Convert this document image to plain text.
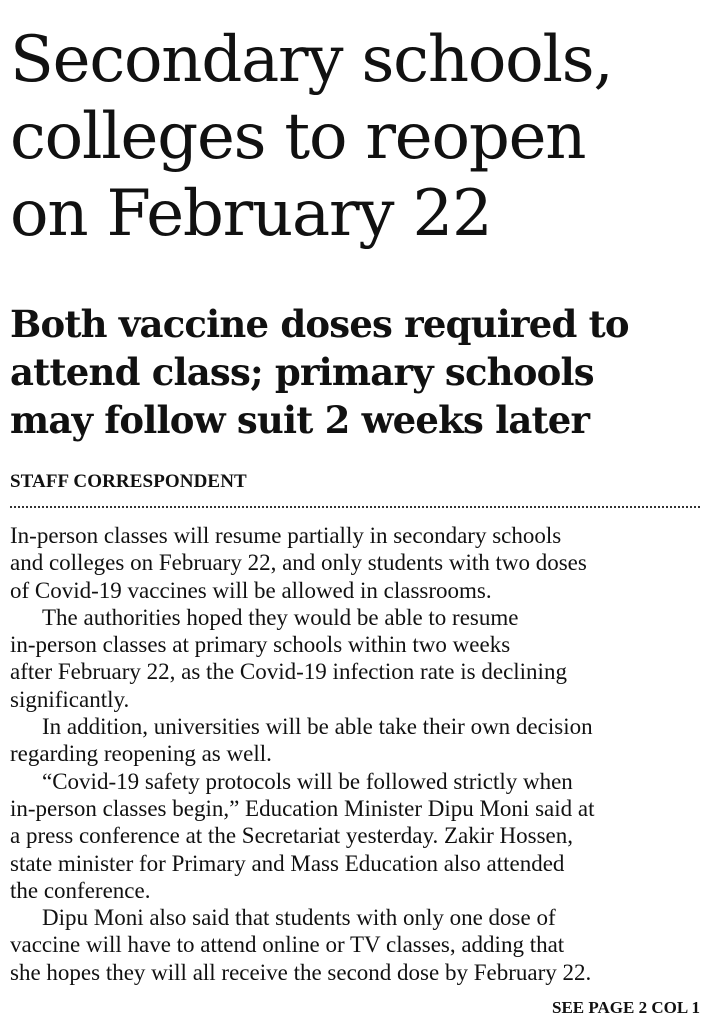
Secondary schools,
colleges to reopen
on February 22
Both vaccine doses required to
attend class; primary schools
may follow suit 2 weeks later
STAFF CORRESPONDENT
In-person classes will resume partially in secondary schools
and colleges on February 22, and only students with two doses
of Covid-19 vaccines will be allowed in classrooms.
The authorities hoped they would be able to resume
in-person classes at primary schools within two weeks
after February 22, as the Covid-19 infection rate is declining
significantly.
In addition, universities will be able take their own decision
regarding reopening as well.
“Covid-19 safety protocols will be followed strictly when
in-person classes begin,” Education Minister Dipu Moni said at
a press conference at the Secretariat yesterday. Zakir Hossen,
state minister for Primary and Mass Education also attended
the conference.
Dipu Moni also said that students with only one dose of
vaccine will have to attend online or TV classes, adding that
she hopes they will all receive the second dose by February 22.
SEE PAGE 2 COL 1
